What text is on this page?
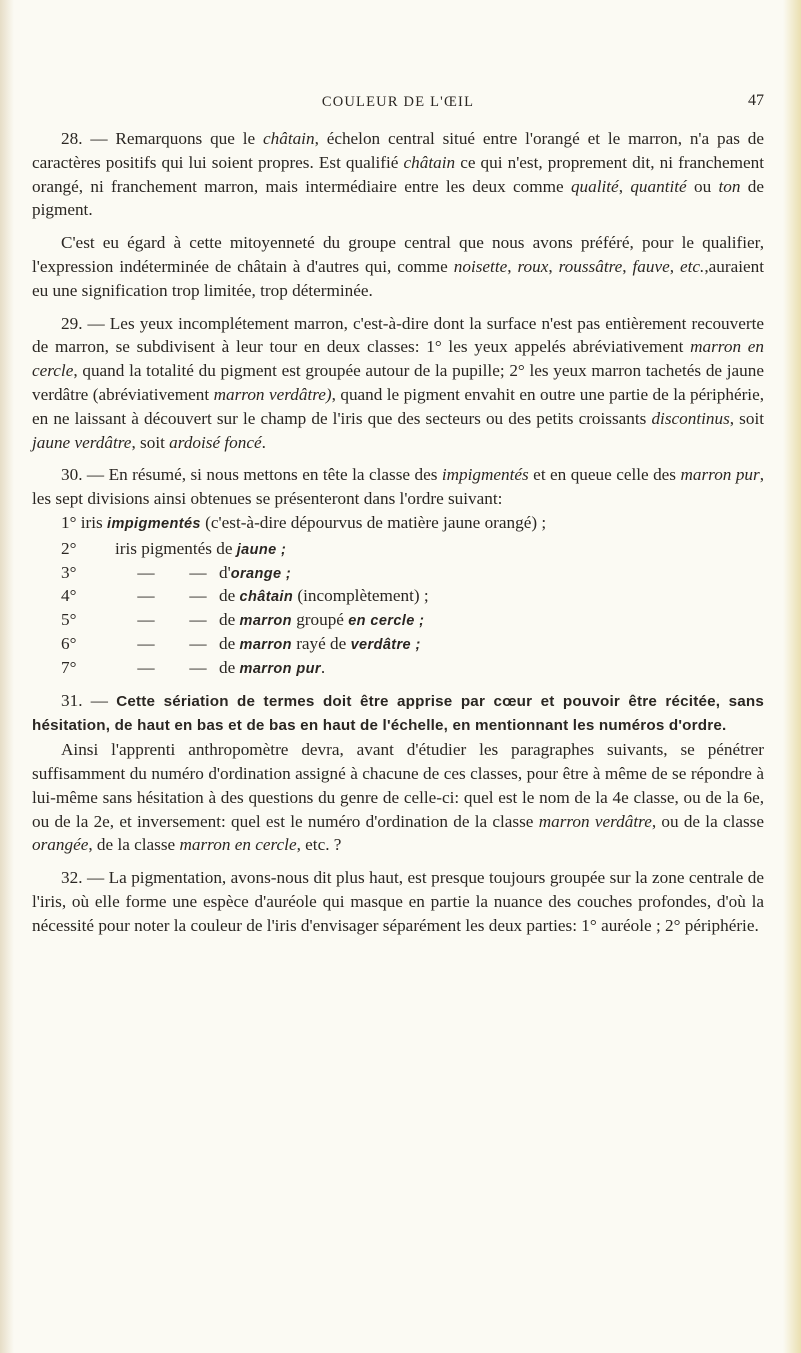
COULEUR DE L'ŒIL	47

28. — Remarquons que le châtain, échelon central situé entre l'orangé et le marron, n'a pas de caractères positifs qui lui soient propres. Est qualifié châtain ce qui n'est, proprement dit, ni franchement orangé, ni franchement marron, mais intermédiaire entre les deux comme qualité, quantité ou ton de pigment.

C'est eu égard à cette mitoyenneté du groupe central que nous avons préféré, pour le qualifier, l'expression indéterminée de châtain à d'autres qui, comme noisette, roux, roussâtre, fauve, etc.,auraient eu une signification trop limitée, trop déterminée.

29. — Les yeux incomplétement marron, c'est-à-dire dont la surface n'est pas entièrement recouverte de marron, se subdivisent à leur tour en deux classes: 1° les yeux appelés abréviativement marron en cercle, quand la totalité du pigment est groupée autour de la pupille; 2° les yeux marron tachetés de jaune verdâtre (abréviativement marron verdâtre), quand le pigment envahit en outre une partie de la périphérie, en ne laissant à découvert sur le champ de l'iris que des secteurs ou des petits croissants discontinus, soit jaune verdâtre, soit ardoisé foncé.

30. — En résumé, si nous mettons en tête la classe des impigmentés et en queue celle des marron pur, les sept divisions ainsi obtenues se présenteront dans l'ordre suivant:

1° iris impigmentés (c'est-à-dire dépourvus de matière jaune orangé) ;

2°	iris pigmentés de jaune ;
3°	—	— d'orange ;
4°	—	— de châtain (incomplètement) ;
5°	—	— de marron groupé en cercle ;
6°	—	— de marron rayé de verdâtre ;
7°	—	— de marron pur.

31. — Cette sériation de termes doit être apprise par cœur et pouvoir être récitée, sans hésitation, de haut en bas et de bas en haut de l'échelle, en mentionnant les numéros d'ordre.

Ainsi l'apprenti anthropomètre devra, avant d'étudier les paragraphes suivants, se pénétrer suffisamment du numéro d'ordination assigné à chacune de ces classes, pour être à même de se répondre à lui-même sans hésitation à des questions du genre de celle-ci: quel est le nom de la 4e classe, ou de la 6e, ou de la 2e, et inversement: quel est le numéro d'ordination de la classe marron verdâtre, ou de la classe orangée, de la classe marron en cercle, etc. ?

32. — La pigmentation, avons-nous dit plus haut, est presque toujours groupée sur la zone centrale de l'iris, où elle forme une espèce d'auréole qui masque en partie la nuance des couches profondes, d'où la nécessité pour noter la couleur de l'iris d'envisager séparément les deux parties: 1° auréole ; 2° périphérie.
